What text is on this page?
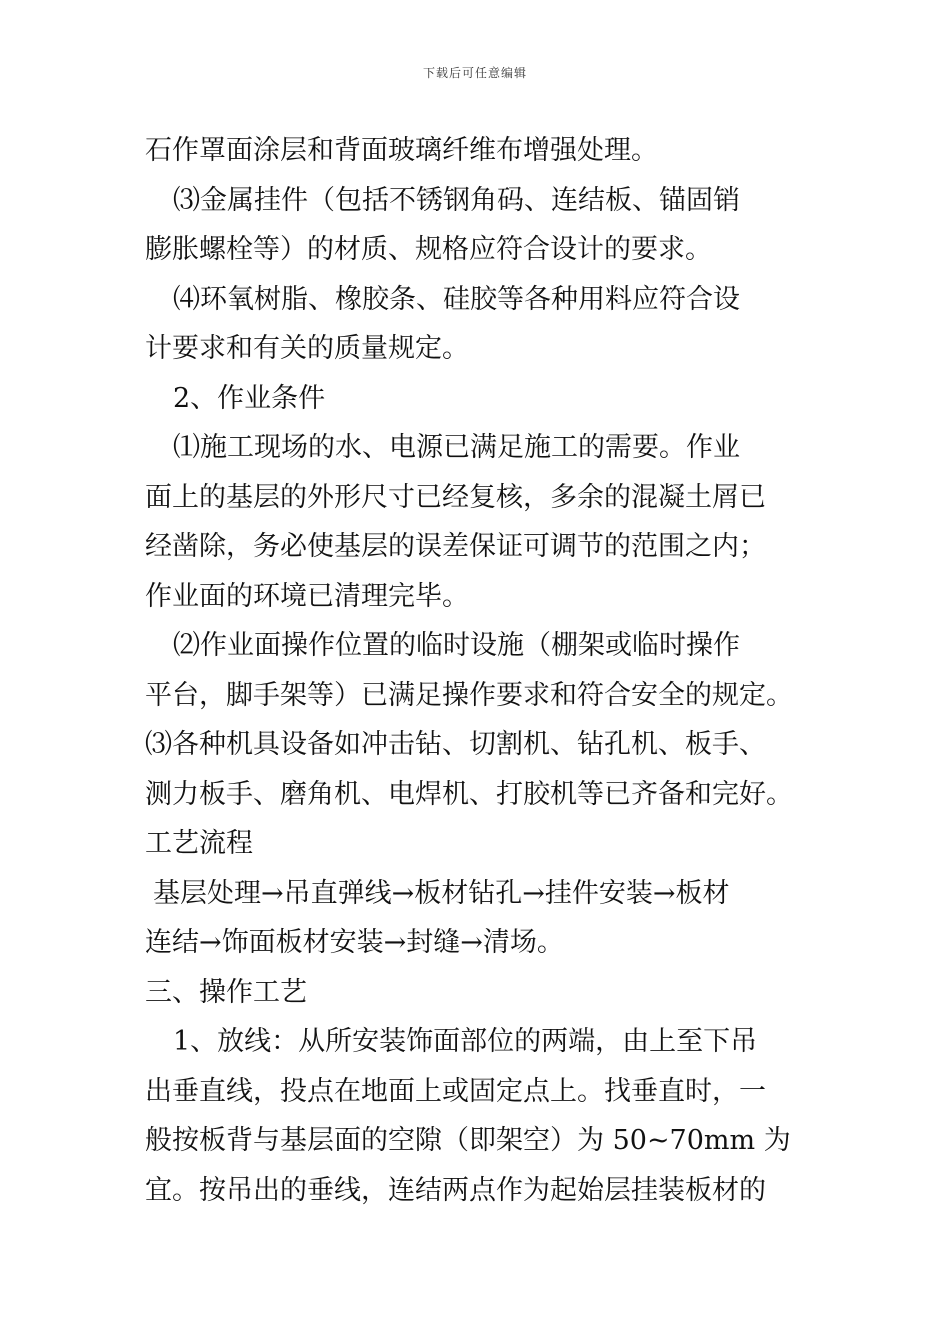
下载后可任意编辑
石作罩面涂层和背面玻璃纤维布增强处理。
⑶金属挂件（包括不锈钢角码、连结板、锚固销
膨胀螺栓等）的材质、规格应符合设计的要求。
⑷环氧树脂、橡胶条、硅胶等各种用料应符合设
计要求和有关的质量规定。
2、作业条件
⑴施工现场的水、电源已满足施工的需要。作业
面上的基层的外形尺寸已经复核，多余的混凝土屑已
经凿除，务必使基层的误差保证可调节的范围之内；
作业面的环境已清理完毕。
⑵作业面操作位置的临时设施（棚架或临时操作
平台，脚手架等）已满足操作要求和符合安全的规定。
⑶各种机具设备如冲击钻、切割机、钻孔机、板手、
测力板手、磨角机、电焊机、打胶机等已齐备和完好。
工艺流程
基层处理→吊直弹线→板材钻孔→挂件安装→板材
连结→饰面板材安装→封缝→清场。
三、操作工艺
1、放线：从所安装饰面部位的两端，由上至下吊
出垂直线，投点在地面上或固定点上。找垂直时，一
般按板背与基层面的空隙（即架空）为 50~70mm 为
宜。按吊出的垂线，连结两点作为起始层挂装板材的
